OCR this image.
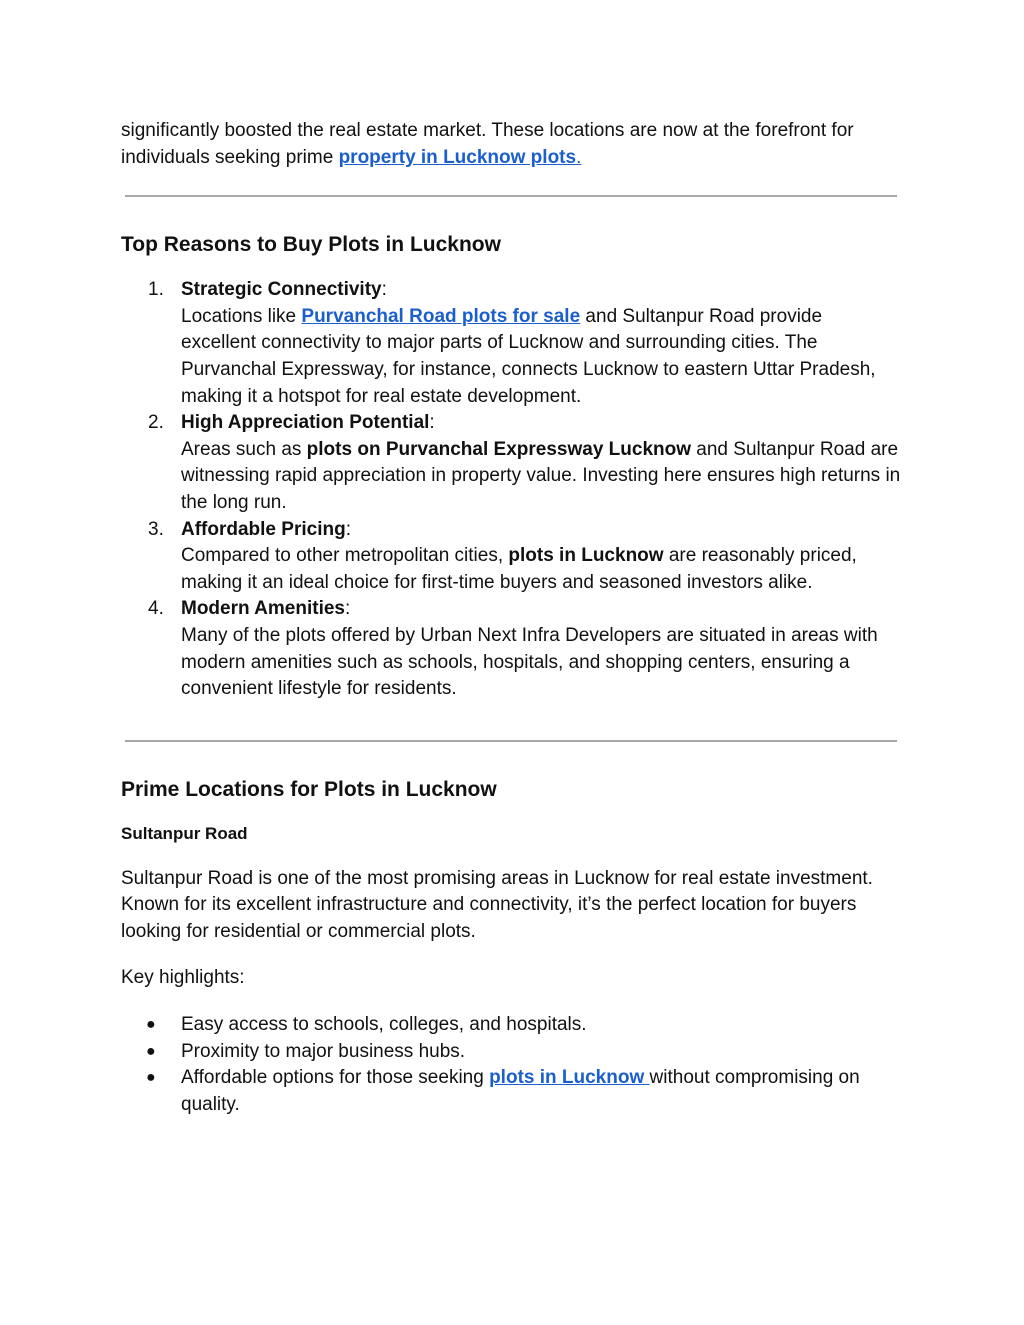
significantly boosted the real estate market. These locations are now at the forefront for individuals seeking prime property in Lucknow plots.

Top Reasons to Buy Plots in Lucknow
1. Strategic Connectivity:
Locations like Purvanchal Road plots for sale and Sultanpur Road provide excellent connectivity to major parts of Lucknow and surrounding cities. The Purvanchal Expressway, for instance, connects Lucknow to eastern Uttar Pradesh, making it a hotspot for real estate development.
2. High Appreciation Potential:
Areas such as plots on Purvanchal Expressway Lucknow and Sultanpur Road are witnessing rapid appreciation in property value. Investing here ensures high returns in the long run.
3. Affordable Pricing:
Compared to other metropolitan cities, plots in Lucknow are reasonably priced, making it an ideal choice for first-time buyers and seasoned investors alike.
4. Modern Amenities:
Many of the plots offered by Urban Next Infra Developers are situated in areas with modern amenities such as schools, hospitals, and shopping centers, ensuring a convenient lifestyle for residents.
Prime Locations for Plots in Lucknow
Sultanpur Road

Sultanpur Road is one of the most promising areas in Lucknow for real estate investment. Known for its excellent infrastructure and connectivity, it’s the perfect location for buyers looking for residential or commercial plots.

Key highlights:

● Easy access to schools, colleges, and hospitals.
● Proximity to major business hubs.
● Affordable options for those seeking plots in Lucknow without compromising on quality.
